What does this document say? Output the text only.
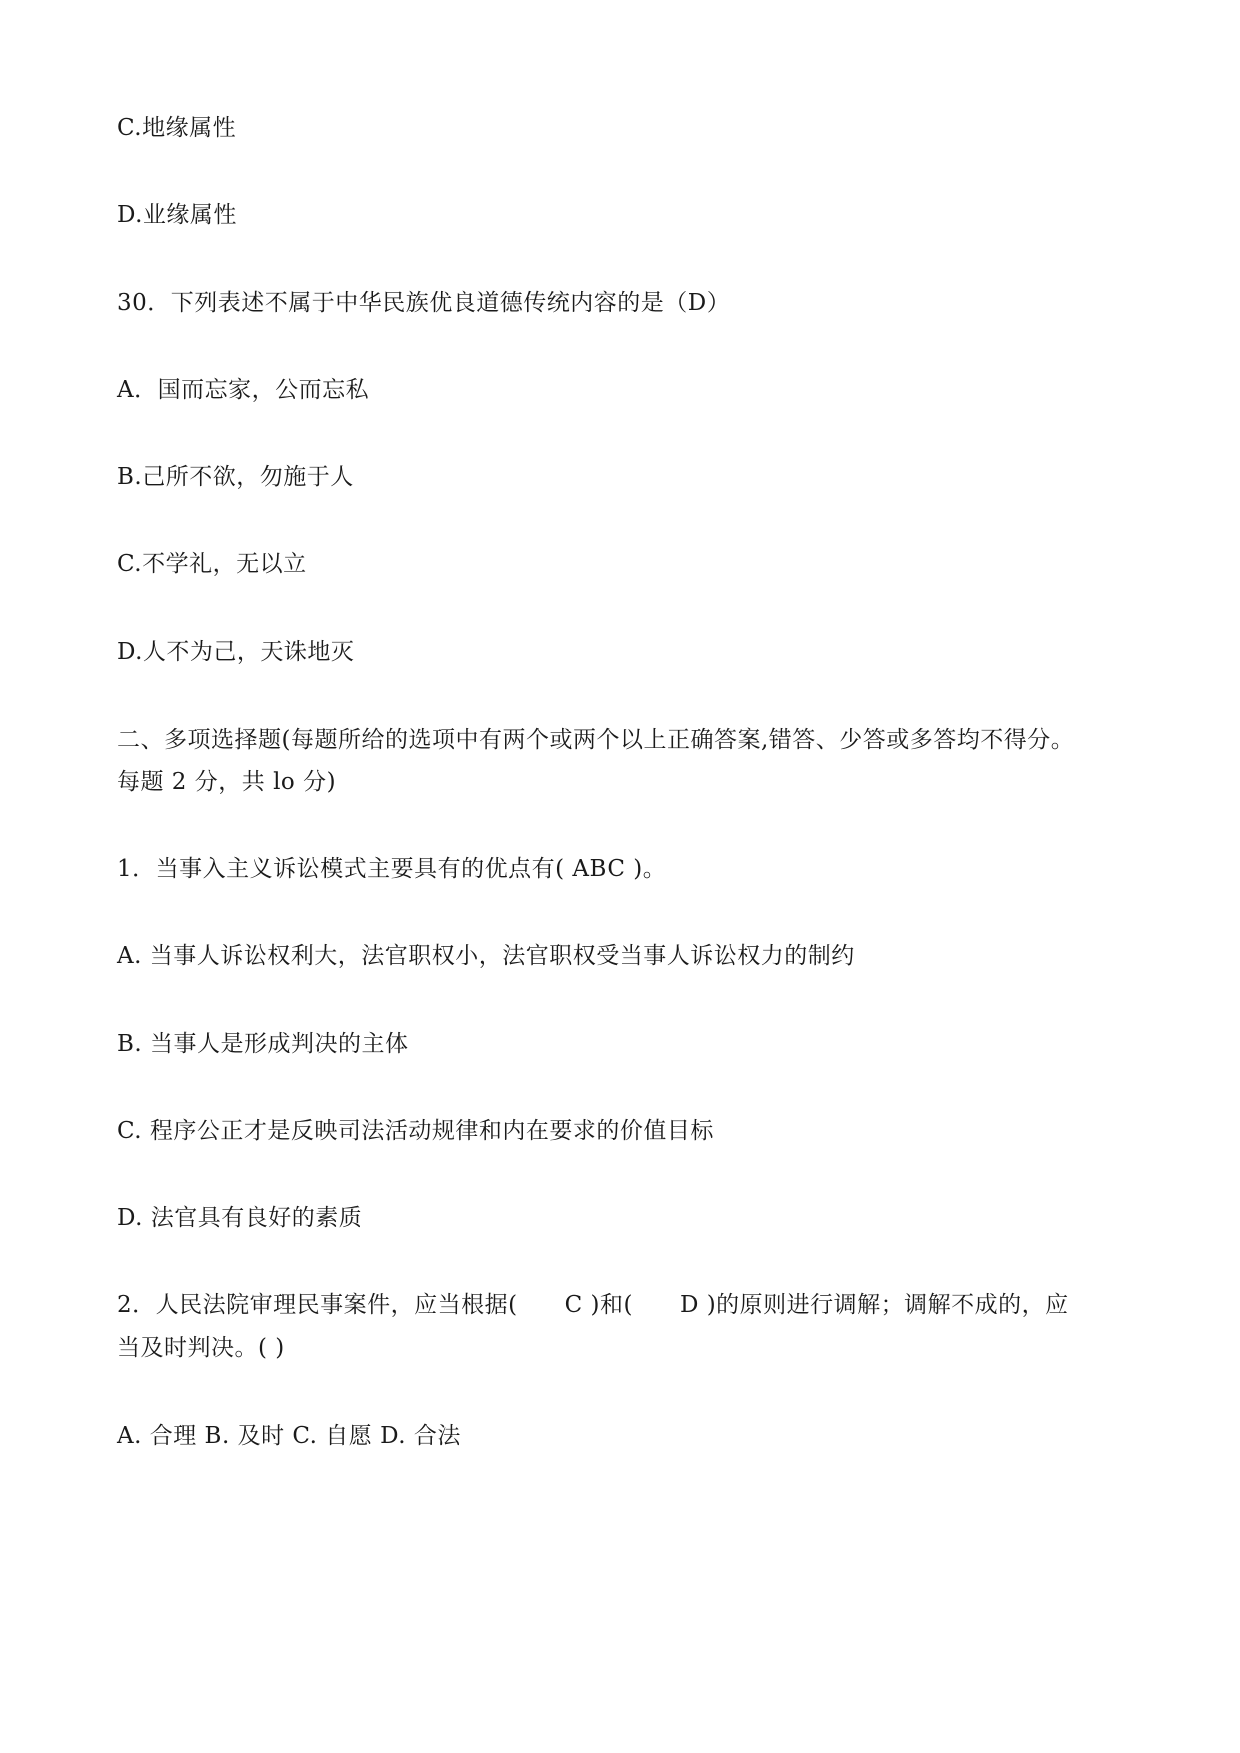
C.地缘属性
D.业缘属性
30．下列表述不属于中华民族优良道德传统内容的是（D）
A．国而忘家，公而忘私
B.己所不欲，勿施于人
C.不学礼，无以立
D.人不为己，天诛地灭
二、多项选择题(每题所给的选项中有两个或两个以上正确答案,错答、少答或多答均不得分。
每题 2 分，共 lo 分)
1．当事入主义诉讼模式主要具有的优点有( ABC )。
A. 当事人诉讼权利大，法官职权小，法官职权受当事人诉讼权力的制约
B. 当事人是形成判决的主体
C. 程序公正才是反映司法活动规律和内在要求的价值目标
D. 法官具有良好的素质
2．人民法院审理民事案件，应当根据(　　C )和(　　D )的原则进行调解；调解不成的，应
当及时判决。( )
A. 合理 B. 及时 C. 自愿 D. 合法
